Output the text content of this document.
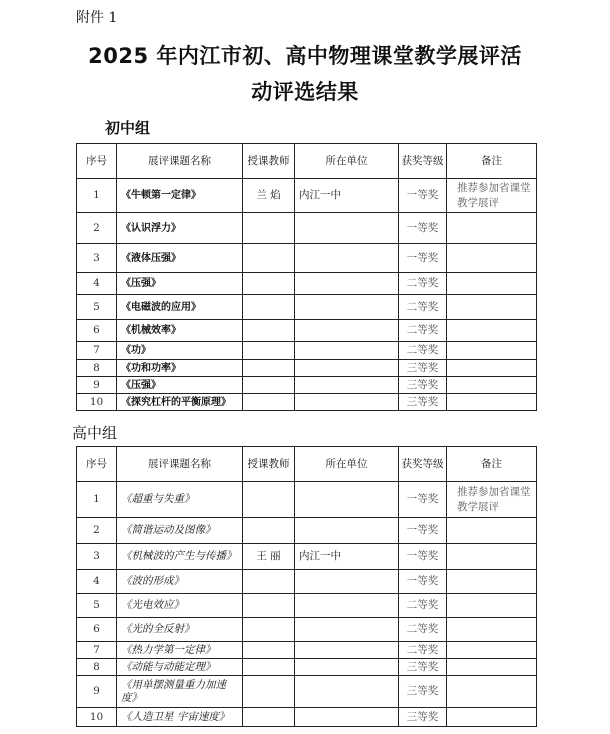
附件 1
2025 年内江市初、高中物理课堂教学展评活
动评选结果
初中组
序号	展评课题名称	授课教师	所在单位	获奖等级	备注
1	《牛顿第一定律》	兰 焰	内江一中	一等奖	推荐参加省课堂教学展评
2	《认识浮力》			一等奖	
3	《液体压强》			一等奖	
4	《压强》			二等奖	
5	《电磁波的应用》			二等奖	
6	《机械效率》			二等奖	
7	《功》			二等奖	
8	《功和功率》			三等奖	
9	《压强》			三等奖	
10	《探究杠杆的平衡原理》			三等奖	
高中组
序号	展评课题名称	授课教师	所在单位	获奖等级	备注
1	《超重与失重》			一等奖	推荐参加省课堂教学展评
2	《简谐运动及图像》			一等奖	
3	《机械波的产生与传播》	王 丽	内江一中	一等奖	
4	《波的形成》			一等奖	
5	《光电效应》			二等奖	
6	《光的全反射》			二等奖	
7	《热力学第一定律》			二等奖	
8	《动能与动能定理》			三等奖	
9	《用单摆测量重力加速度》			三等奖	
10	《人造卫星 宇宙速度》			三等奖	
